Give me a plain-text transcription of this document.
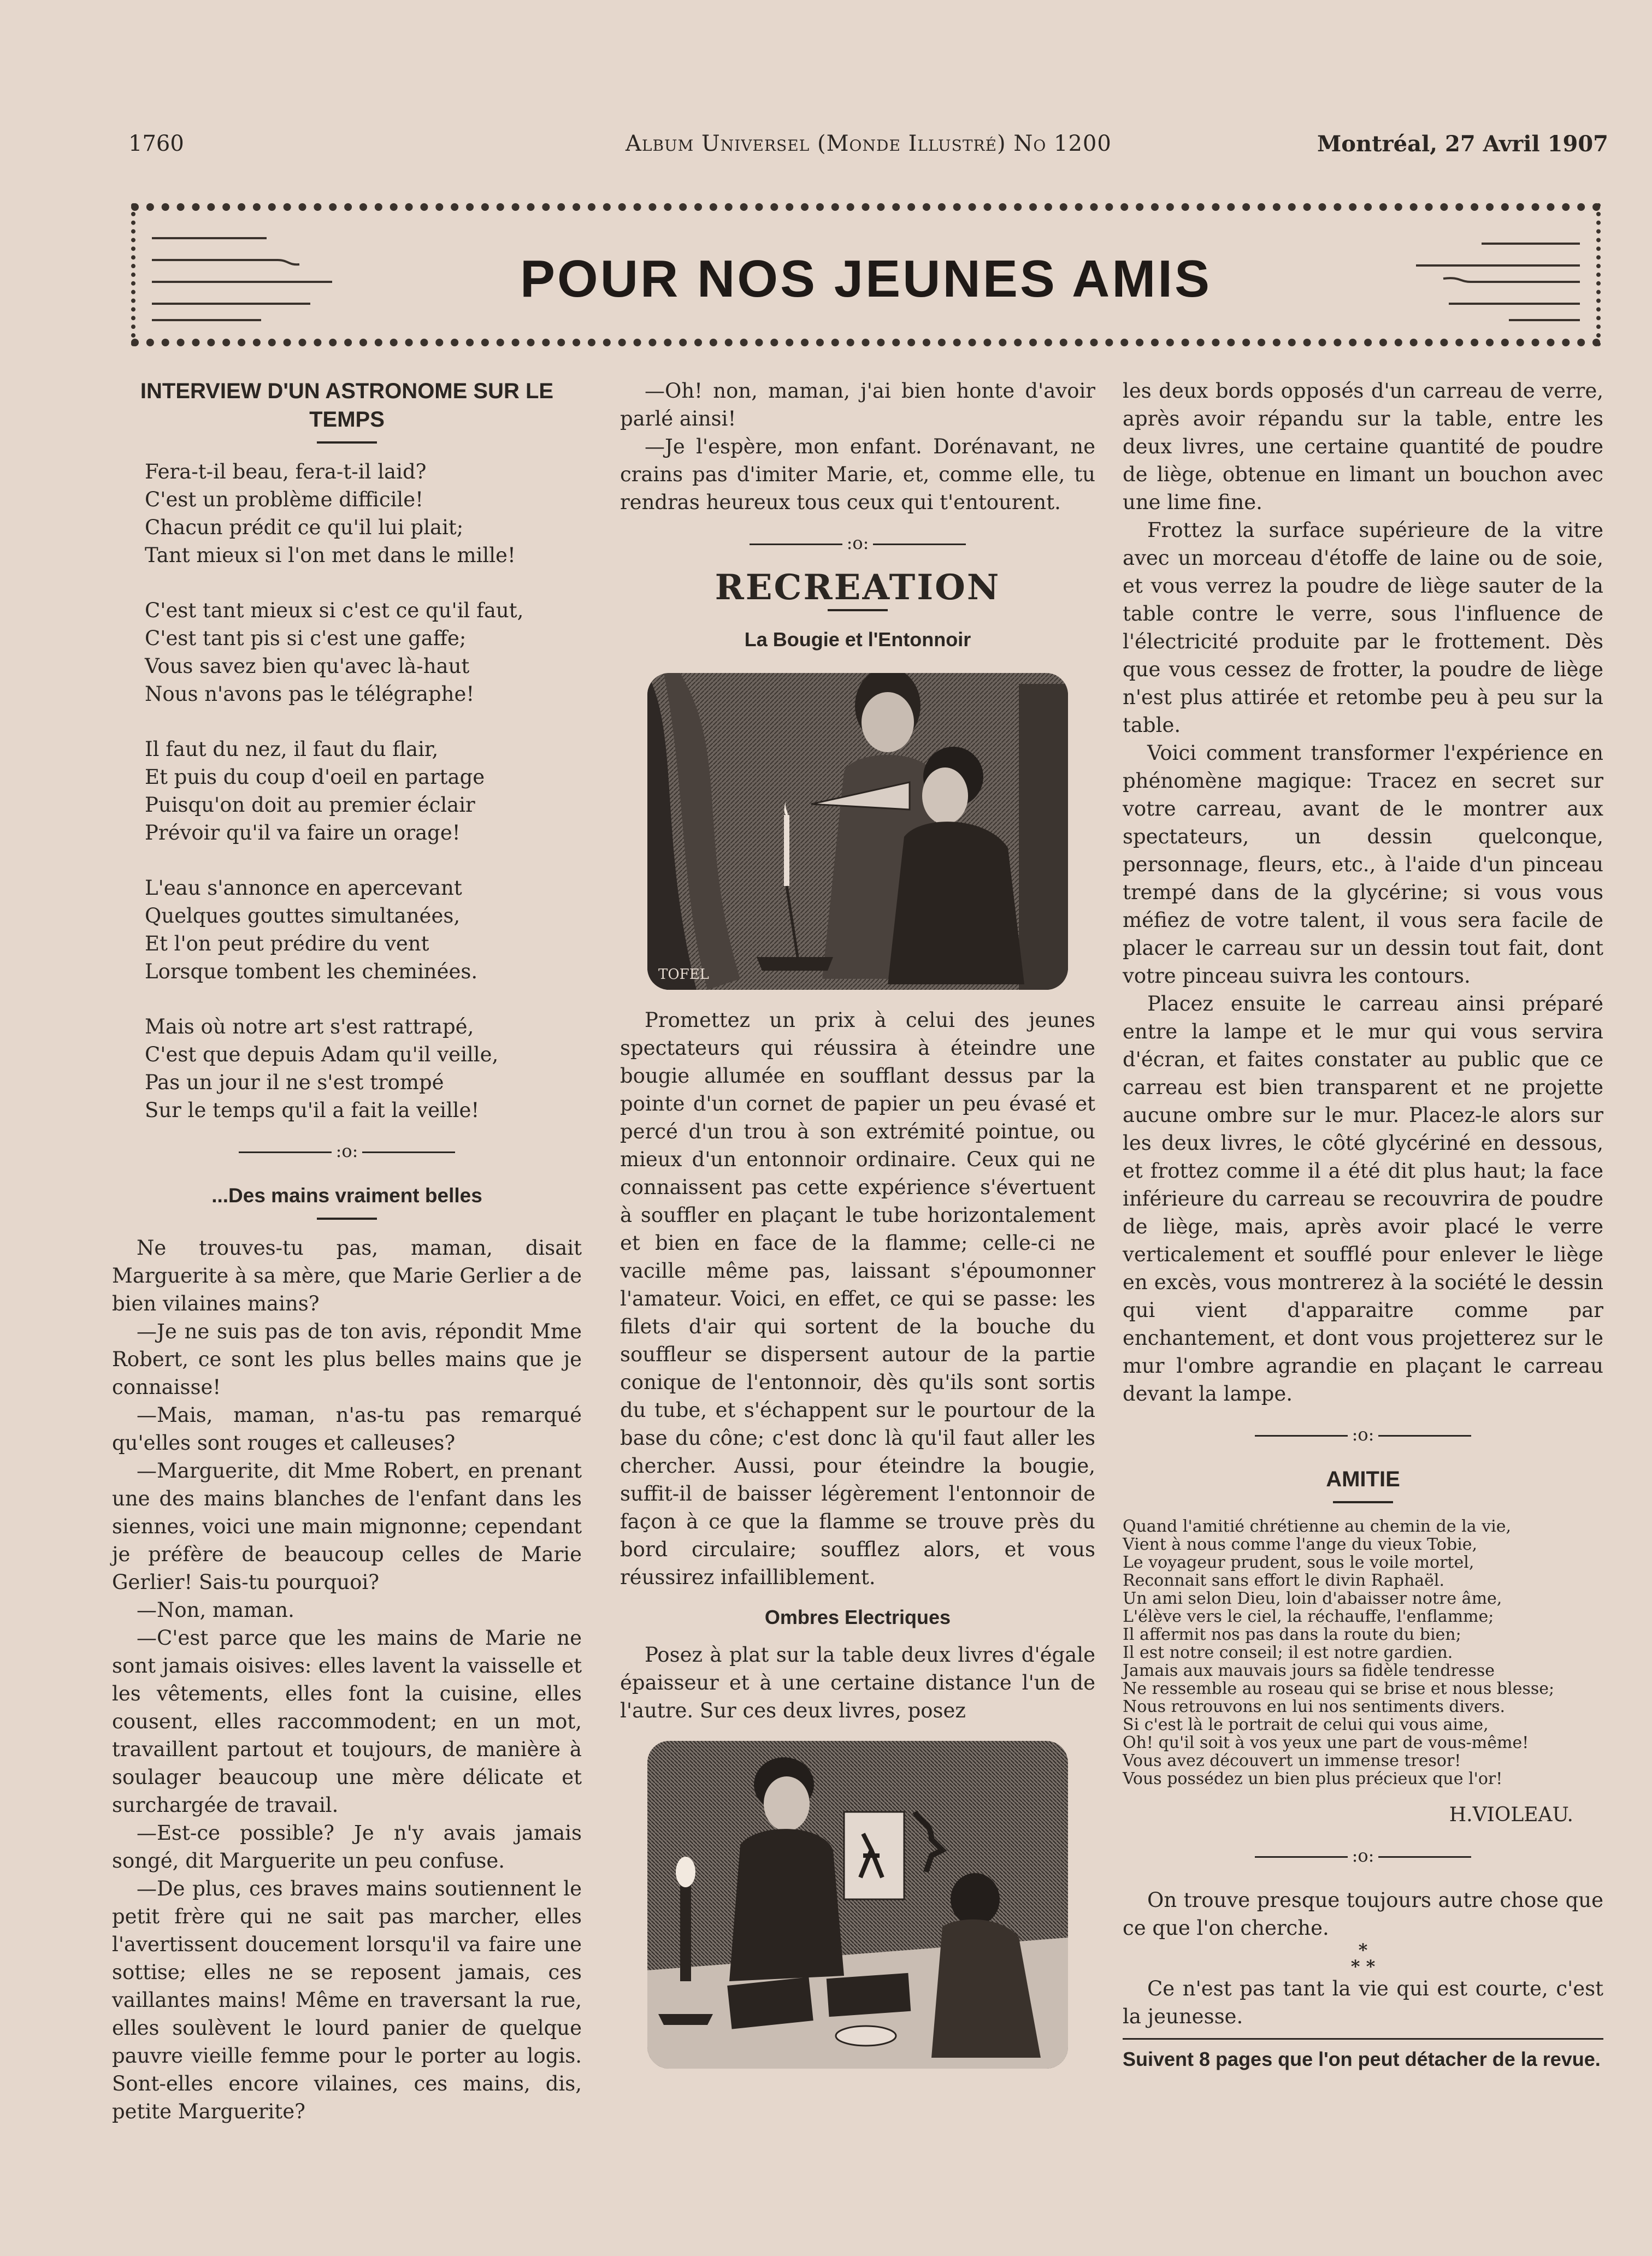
1760	Album Universel (Monde Illustré) No 1200	Montréal, 27 Avril 1907
POUR NOS JEUNES AMIS
INTERVIEW D'UN ASTRONOME SUR LE TEMPS
Fera-t-il beau, fera-t-il laid?
C'est un problème difficile!
Chacun prédit ce qu'il lui plait;
Tant mieux si l'on met dans le mille!
C'est tant mieux si c'est ce qu'il faut,
C'est tant pis si c'est une gaffe;
Vous savez bien qu'avec là-haut
Nous n'avons pas le télégraphe!
Il faut du nez, il faut du flair,
Et puis du coup d'oeil en partage
Puisqu'on doit au premier éclair
Prévoir qu'il va faire un orage!
L'eau s'annonce en apercevant
Quelques gouttes simultanées,
Et l'on peut prédire du vent
Lorsque tombent les cheminées.
Mais où notre art s'est rattrapé,
C'est que depuis Adam qu'il veille,
Pas un jour il ne s'est trompé
Sur le temps qu'il a fait la veille!
:o:
...Des mains vraiment belles

Ne trouves-tu pas, maman, disait Marguerite à sa mère, que Marie Gerlier a de bien vilaines mains?

—Je ne suis pas de ton avis, répondit Mme Robert, ce sont les plus belles mains que je connaisse!

—Mais, maman, n'as-tu pas remarqué qu'elles sont rouges et calleuses?

—Marguerite, dit Mme Robert, en prenant une des mains blanches de l'enfant dans les siennes, voici une main mignonne; cependant je préfère de beaucoup celles de Marie Gerlier! Sais-tu pourquoi?

—Non, maman.

—C'est parce que les mains de Marie ne sont jamais oisives: elles lavent la vaisselle et les vêtements, elles font la cuisine, elles cousent, elles raccommodent; en un mot, travaillent partout et toujours, de manière à soulager beaucoup une mère délicate et surchargée de travail.

—Est-ce possible? Je n'y avais jamais songé, dit Marguerite un peu confuse.

—De plus, ces braves mains soutiennent le petit frère qui ne sait pas marcher, elles l'avertissent doucement lorsqu'il va faire une sottise; elles ne se reposent jamais, ces vaillantes mains! Même en traversant la rue, elles soulèvent le lourd panier de quelque pauvre vieille femme pour le porter au logis. Sont-elles encore vilaines, ces mains, dis, petite Marguerite?

—Oh! non, maman, j'ai bien honte d'avoir parlé ainsi!

—Je l'espère, mon enfant. Dorénavant, ne crains pas d'imiter Marie, et, comme elle, tu rendras heureux tous ceux qui t'entourent.

:o:
RECREATION
La Bougie et l'Entonnoir
TOFEL

Promettez un prix à celui des jeunes spectateurs qui réussira à éteindre une bougie allumée en soufflant dessus par la pointe d'un cornet de papier un peu évasé et percé d'un trou à son extrémité pointue, ou mieux d'un entonnoir ordinaire. Ceux qui ne connaissent pas cette expérience s'évertuent à souffler en plaçant le tube horizontalement et bien en face de la flamme; celle-ci ne vacille même pas, laissant s'époumonner l'amateur. Voici, en effet, ce qui se passe: les filets d'air qui sortent de la bouche du souffleur se dispersent autour de la partie conique de l'entonnoir, dès qu'ils sont sortis du tube, et s'échappent sur le pourtour de la base du cône; c'est donc là qu'il faut aller les chercher. Aussi, pour éteindre la bougie, suffit-il de baisser légèrement l'entonnoir de façon à ce que la flamme se trouve près du bord circulaire; soufflez alors, et vous réussirez infailliblement.

Ombres Electriques

Posez à plat sur la table deux livres d'égale épaisseur et à une certaine distance l'un de l'autre. Sur ces deux livres, posez

les deux bords opposés d'un carreau de verre, après avoir répandu sur la table, entre les deux livres, une certaine quantité de poudre de liège, obtenue en limant un bouchon avec une lime fine.

Frottez la surface supérieure de la vitre avec un morceau d'étoffe de laine ou de soie, et vous verrez la poudre de liège sauter de la table contre le verre, sous l'influence de l'électricité produite par le frottement. Dès que vous cessez de frotter, la poudre de liège n'est plus attirée et retombe peu à peu sur la table.

Voici comment transformer l'expérience en phénomène magique: Tracez en secret sur votre carreau, avant de le montrer aux spectateurs, un dessin quelconque, personnage, fleurs, etc., à l'aide d'un pinceau trempé dans de la glycérine; si vous vous méfiez de votre talent, il vous sera facile de placer le carreau sur un dessin tout fait, dont votre pinceau suivra les contours.

Placez ensuite le carreau ainsi préparé entre la lampe et le mur qui vous servira d'écran, et faites constater au public que ce carreau est bien transparent et ne projette aucune ombre sur le mur. Placez-le alors sur les deux livres, le côté glycériné en dessous, et frottez comme il a été dit plus haut; la face inférieure du carreau se recouvrira de poudre de liège, mais, après avoir placé le verre verticalement et soufflé pour enlever le liège en excès, vous montrerez à la société le dessin qui vient d'apparaitre comme par enchantement, et dont vous projetterez sur le mur l'ombre agrandie en plaçant le carreau devant la lampe.

:o:
AMITIE
Quand l'amitié chrétienne au chemin de la vie,
Vient à nous comme l'ange du vieux Tobie,
Le voyageur prudent, sous le voile mortel,
Reconnait sans effort le divin Raphaël.
Un ami selon Dieu, loin d'abaisser notre âme,
L'élève vers le ciel, la réchauffe, l'enflamme;
Il affermit nos pas dans la route du bien;
Il est notre conseil; il est notre gardien.
Jamais aux mauvais jours sa fidèle tendresse
Ne ressemble au roseau qui se brise et nous blesse;
Nous retrouvons en lui nos sentiments divers.
Si c'est là le portrait de celui qui vous aime,
Oh! qu'il soit à vos yeux une part de vous-même!
Vous avez découvert un immense tresor!
Vous possédez un bien plus précieux que l'or!
H.VIOLEAU.
:o:

On trouve presque toujours autre chose que ce que l'on cherche.

*
* *

Ce n'est pas tant la vie qui est courte, c'est la jeunesse.

Suivent 8 pages que l'on peut détacher de la revue.
